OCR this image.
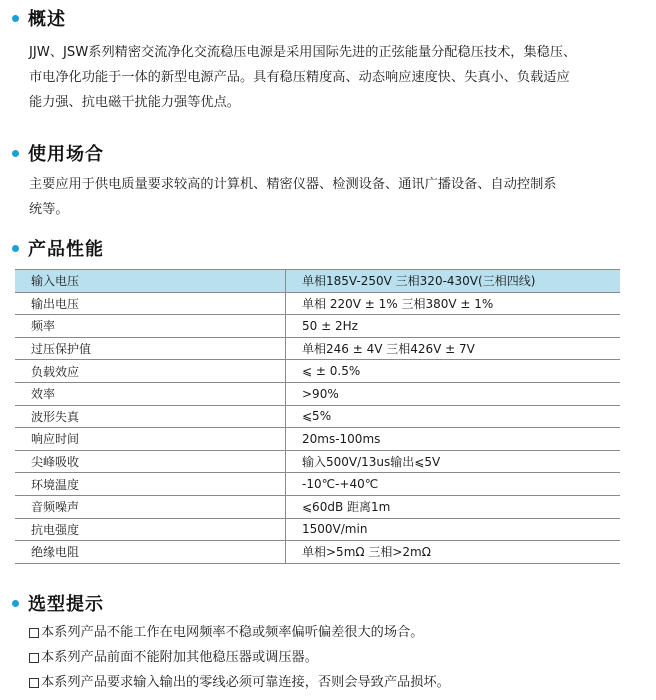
概述

JJW、JSW系列精密交流净化交流稳压电源是采用国际先进的正弦能量分配稳压技术，集稳压、

市电净化功能于一体的新型电源产品。具有稳压精度高、动态响应速度快、失真小、负载适应

能力强、抗电磁干扰能力强等优点。

使用场合

主要应用于供电质量要求较高的计算机、精密仪器、检测设备、通讯广播设备、自动控制系

统等。

产品性能
输入电压	单相185V-250V 三相320-430V(三相四线)
输出电压	单相 220V ± 1% 三相380V ± 1%
频率	50 ± 2Hz
过压保护值	单相246 ± 4V 三相426V ± 7V
负载效应	⩽ ± 0.5%
效率	>90%
波形失真	⩽5%
响应时间	20ms-100ms
尖峰吸收	输入500V/13us输出⩽5V
环境温度	-10℃-+40℃
音频噪声	⩽60dB 距离1m
抗电强度	1500V/min
绝缘电阻	单相>5mΩ 三相>2mΩ
选型提示
本系列产品不能工作在电网频率不稳或频率偏听偏差很大的场合。
本系列产品前面不能附加其他稳压器或调压器。
本系列产品要求输入输出的零线必须可靠连接，否则会导致产品损坏。
